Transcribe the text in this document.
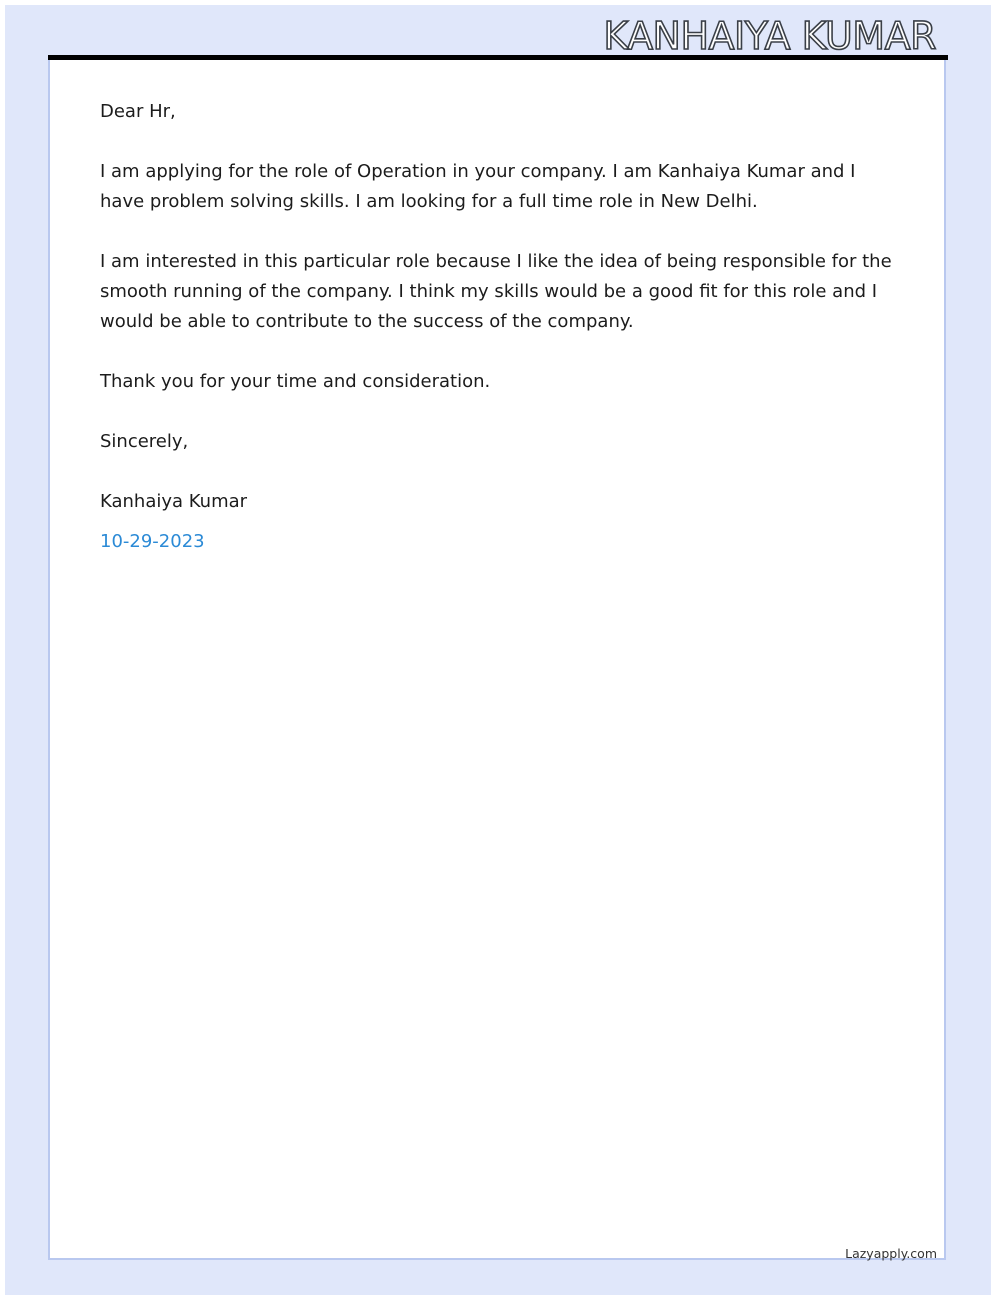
KANHAIYA KUMAR

Dear Hr,

I am applying for the role of Operation in your company. I am Kanhaiya Kumar and I have problem solving skills. I am looking for a full time role in New Delhi.

I am interested in this particular role because I like the idea of being responsible for the smooth running of the company. I think my skills would be a good fit for this role and I would be able to contribute to the success of the company.

Thank you for your time and consideration.

Sincerely,

Kanhaiya Kumar

10-29-2023

Lazyapply.com
